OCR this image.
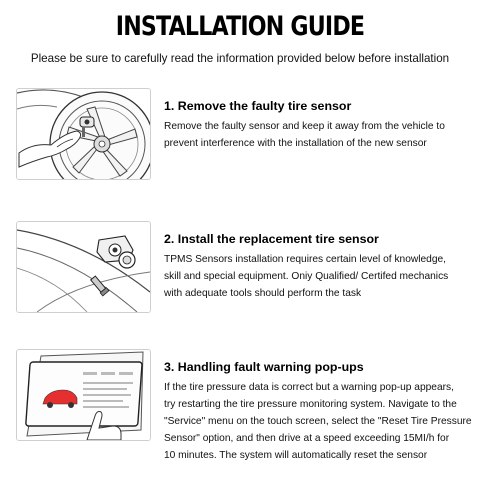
INSTALLATION GUIDE
Please be sure to carefully read the information provided below before installation
1. Remove the faulty tire sensor
Remove the faulty sensor and keep it away from the vehicle to
prevent interference with the installation of the new sensor
2. Install the replacement tire sensor
TPMS Sensors installation requires certain level of knowledge,
skill and special equipment. Oniy Qualified/ Certifed mechanics
with adequate tools should perform the task
3. Handling fault warning pop-ups
If the tire pressure data is correct but a warning pop-up appears,
try restarting the tire pressure monitoring system. Navigate to the
"Service" menu on the touch screen, select the "Reset Tire Pressure
Sensor" option, and then drive at a speed exceeding 15MI/h for
10 minutes. The system will automatically reset the sensor
